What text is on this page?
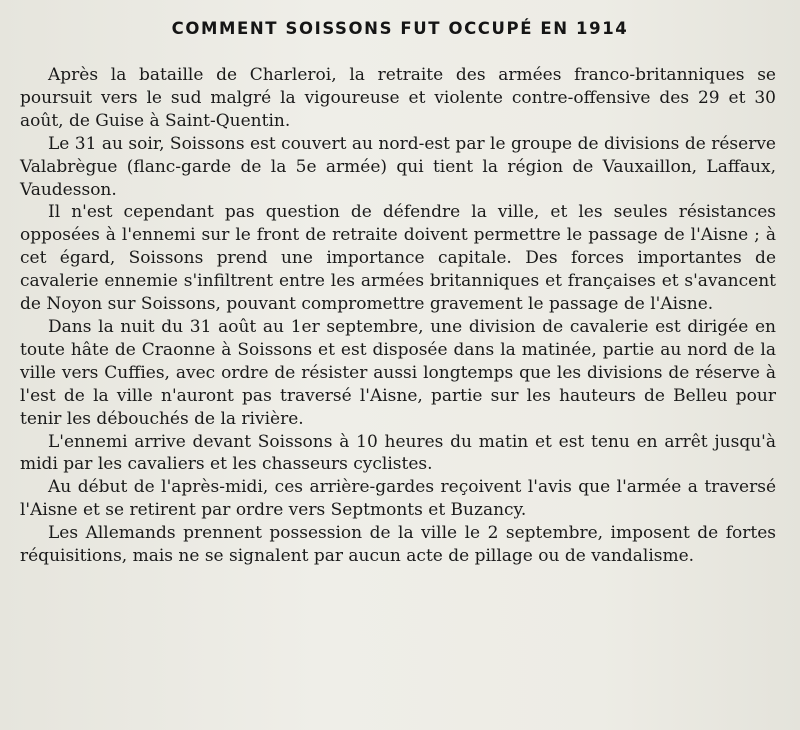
COMMENT SOISSONS FUT OCCUPÉ EN 1914

Après la bataille de Charleroi, la retraite des armées franco-britanniques se poursuit vers le sud malgré la vigoureuse et violente contre-offensive des 29 et 30 août, de Guise à Saint-Quentin.

Le 31 au soir, Soissons est couvert au nord-est par le groupe de divisions de réserve Valabrègue (flanc-garde de la 5e armée) qui tient la région de Vauxaillon, Laffaux, Vaudesson.

Il n'est cependant pas question de défendre la ville, et les seules résistances opposées à l'ennemi sur le front de retraite doivent permettre le passage de l'Aisne ; à cet égard, Soissons prend une importance capitale. Des forces importantes de cavalerie ennemie s'infiltrent entre les armées britanniques et françaises et s'avancent de Noyon sur Soissons, pouvant compromettre gravement le passage de l'Aisne.

Dans la nuit du 31 août au 1er septembre, une division de cavalerie est dirigée en toute hâte de Craonne à Soissons et est disposée dans la matinée, partie au nord de la ville vers Cuffies, avec ordre de résister aussi longtemps que les divisions de réserve à l'est de la ville n'auront pas traversé l'Aisne, partie sur les hauteurs de Belleu pour tenir les débouchés de la rivière.

L'ennemi arrive devant Soissons à 10 heures du matin et est tenu en arrêt jusqu'à midi par les cavaliers et les chasseurs cyclistes.

Au début de l'après-midi, ces arrière-gardes reçoivent l'avis que l'armée a traversé l'Aisne et se retirent par ordre vers Septmonts et Buzancy.

Les Allemands prennent possession de la ville le 2 septembre, imposent de fortes réquisitions, mais ne se signalent par aucun acte de pillage ou de vandalisme.
